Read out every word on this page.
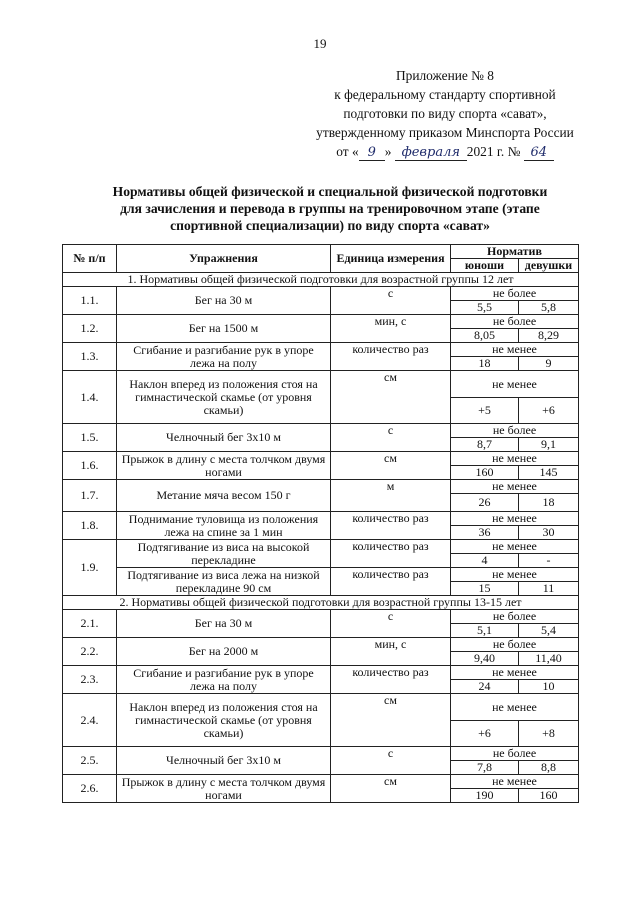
19
Приложение № 8
к федеральному стандарту спортивной
подготовки по виду спорта «сават»,
утвержденному приказом Минспорта России
от « 9 » февраля 2021 г. № 64
Нормативы общей физической и специальной физической подготовки
для зачисления и перевода в группы на тренировочном этапе (этапе
спортивной специализации) по виду спорта «сават»
№ п/п	Упражнения	Единица измерения	Норматив	
			юноши	девушки
1. Нормативы общей физической подготовки для возрастной группы 12 лет				
1.1.	Бег на 30 м	с	не более	
			5,5	5,8
1.2.	Бег на 1500 м	мин, с	не более	
			8,05	8,29
1.3.	Сгибание и разгибание рук в упоре лежа на полу	количество раз	не менее	
			18	9
1.4.	Наклон вперед из положения стоя на гимнастической скамье (от уровня скамьи)	см	не менее	
			+5	+6
1.5.	Челночный бег 3х10 м	с	не более	
			8,7	9,1
1.6.	Прыжок в длину с места толчком двумя ногами	см	не менее	
			160	145
1.7.	Метание мяча весом 150 г	м	не менее	
			26	18
1.8.	Поднимание туловища из положения лежа на спине за 1 мин	количество раз	не менее	
			36	30
1.9.	Подтягивание из виса на высокой перекладине	количество раз	не менее	
			4	-
	Подтягивание из виса лежа на низкой перекладине 90 см	количество раз	не менее	
			15	11
2. Нормативы общей физической подготовки для возрастной группы 13-15 лет				
2.1.	Бег на 30 м	с	не более	
			5,1	5,4
2.2.	Бег на 2000 м	мин, с	не более	
			9,40	11,40
2.3.	Сгибание и разгибание рук в упоре лежа на полу	количество раз	не менее	
			24	10
2.4.	Наклон вперед из положения стоя на гимнастической скамье (от уровня скамьи)	см	не менее	
			+6	+8
2.5.	Челночный бег 3х10 м	с	не более	
			7,8	8,8
2.6.	Прыжок в длину с места толчком двумя ногами	см	не менее	
			190	160
